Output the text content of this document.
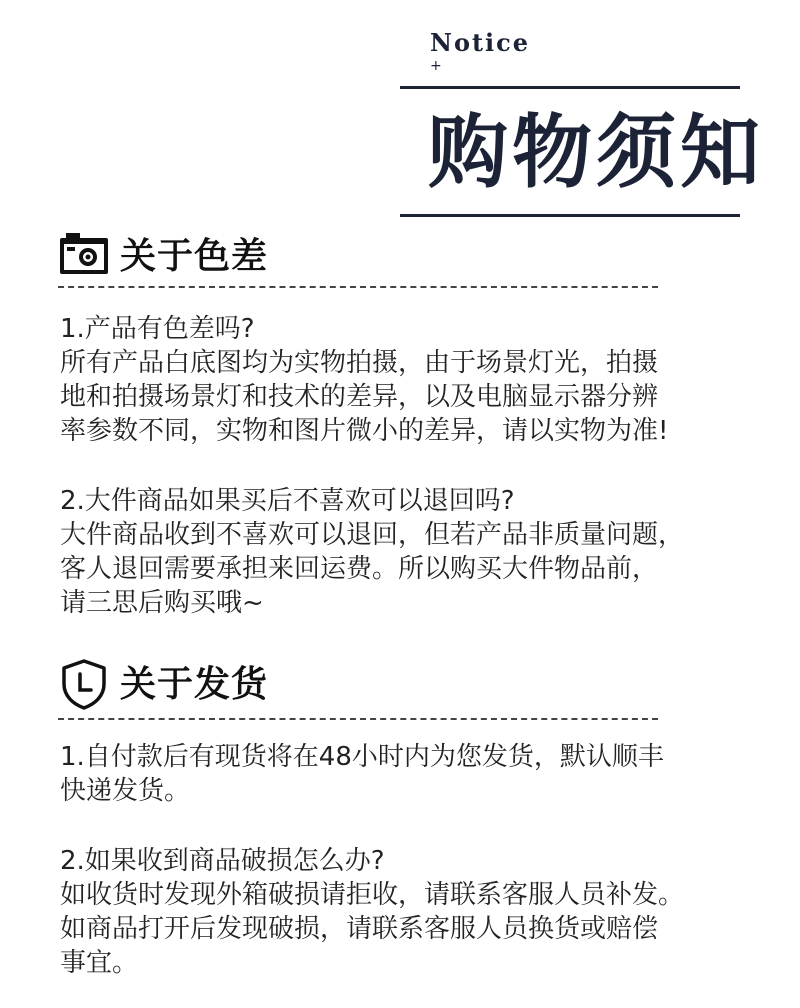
Notice
+
购物须知
关于色差

1.产品有色差吗?

所有产品白底图均为实物拍摄，由于场景灯光，拍摄

地和拍摄场景灯和技术的差异，以及电脑显示器分辨

率参数不同，实物和图片微小的差异，请以实物为准!

2.大件商品如果买后不喜欢可以退回吗?

大件商品收到不喜欢可以退回，但若产品非质量问题，

客人退回需要承担来回运费。所以购买大件物品前，

请三思后购买哦~

关于发货

1.自付款后有现货将在48小时内为您发货，默认顺丰

快递发货。

2.如果收到商品破损怎么办?

如收货时发现外箱破损请拒收，请联系客服人员补发。

如商品打开后发现破损，请联系客服人员换货或赔偿

事宜。
